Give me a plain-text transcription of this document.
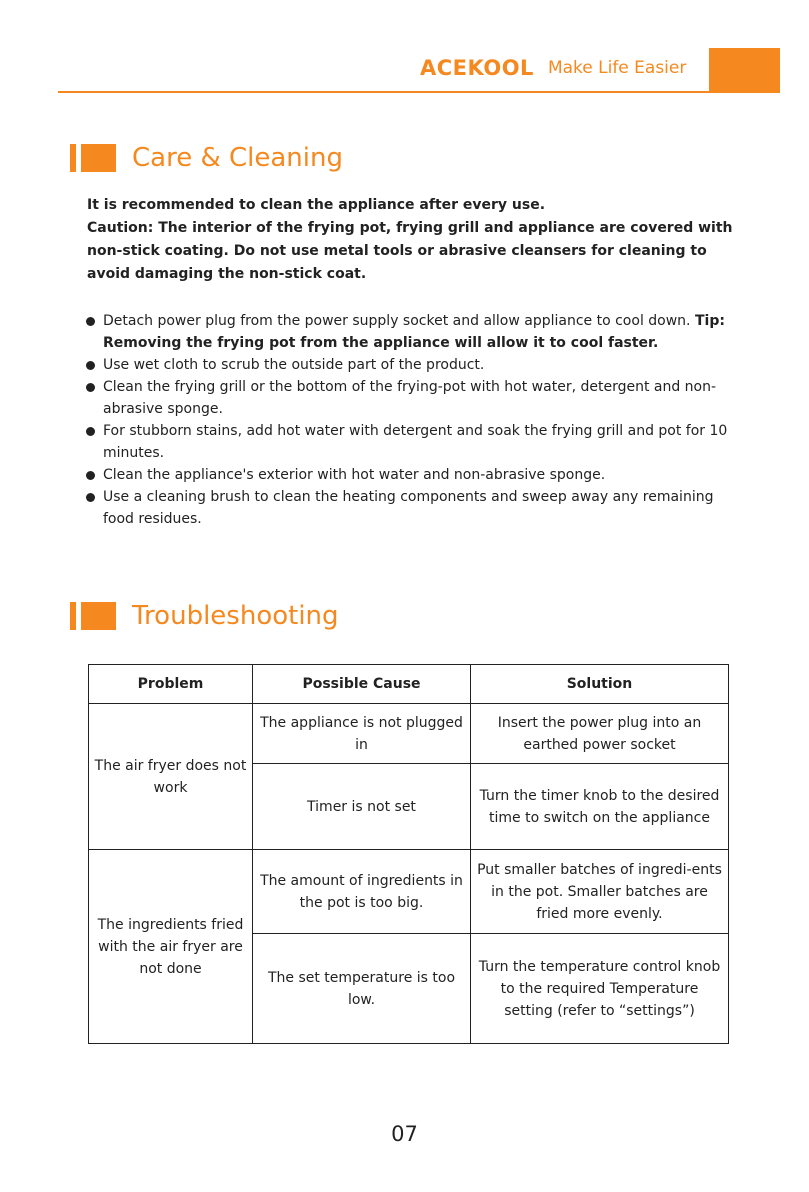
ACEKOOL Make Life Easier
Care & Cleaning

It is recommended to clean the appliance after every use.

Caution: The interior of the frying pot, frying grill and appliance are covered with non-stick coating. Do not use metal tools or abrasive cleansers for cleaning to avoid damaging the non-stick coat.

Detach power plug from the power supply socket and allow appliance to cool down. Tip: Removing the frying pot from the appliance will allow it to cool faster.
Use wet cloth to scrub the outside part of the product.
Clean the frying grill or the bottom of the frying-pot with hot water, detergent and non-abrasive sponge.
For stubborn stains, add hot water with detergent and soak the frying grill and pot for 10 minutes.
Clean the appliance's exterior with hot water and non-abrasive sponge.
Use a cleaning brush to clean the heating components and sweep away any remaining food residues.
Troubleshooting
Problem	Possible Cause	Solution
The air fryer does not work	The appliance is not plugged in	Insert the power plug into an earthed power socket
	Timer is not set	Turn the timer knob to the desired time to switch on the appliance
The ingredients fried with the air fryer are not done	The amount of ingredients in the pot is too big.	Put smaller batches of ingredi-ents in the pot. Smaller batches are fried more evenly.
	The set temperature is too low.	Turn the temperature control knob to the required Temperature setting (refer to “settings”)
07
